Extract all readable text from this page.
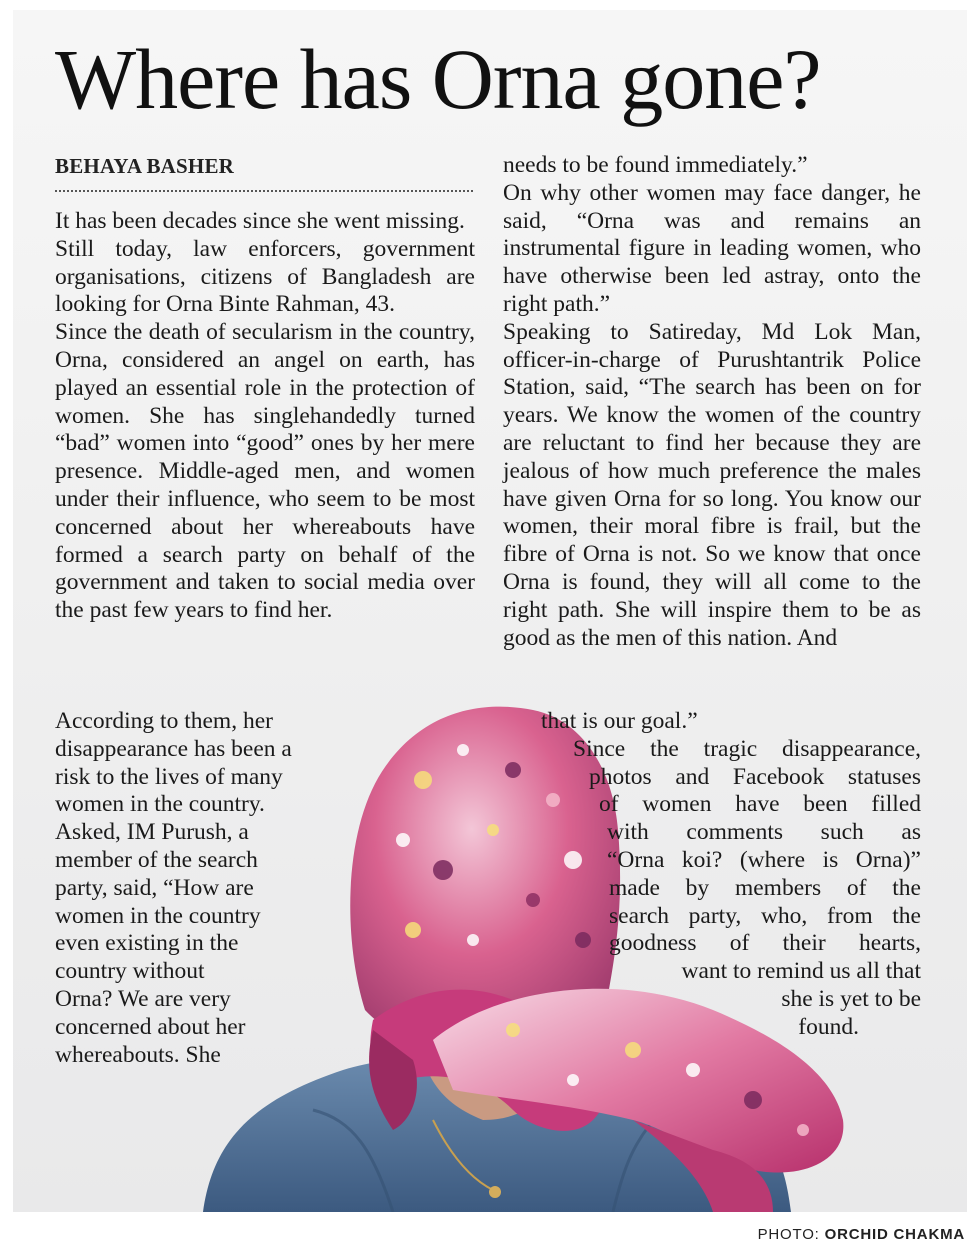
Where has Orna gone?
BEHAYA BASHER

It has been decades since she went missing.

Still today, law enforcers, government organisations, citizens of Bangladesh are looking for Orna Binte Rahman, 43.

Since the death of secularism in the country, Orna, considered an angel on earth, has played an essential role in the protection of women. She has singlehandedly turned “bad” women into “good” ones by her mere presence. Middle-aged men, and women under their influence, who seem to be most concerned about her whereabouts have formed a search party on behalf of the government and taken to social media over the past few years to find her.

According to them, her
disappearance has been a
risk to the lives of many
women in the country.
Asked, IM Purush, a
member of the search
party, said, “How are
women in the country
even existing in the
country without
Orna? We are very
concerned about her
whereabouts. She

needs to be found immediately.”

On why other women may face danger, he said, “Orna was and remains an instrumental figure in leading women, who have otherwise been led astray, onto the right path.”

Speaking to Satireday, Md Lok Man, officer-in-charge of Purushtantrik Police Station, said, “The search has been on for years. We know the women of the country are reluctant to find her because they are jealous of how much preference the males have given Orna for so long. You know our women, their moral fibre is frail, but the fibre of Orna is not. So we know that once Orna is found, they will all come to the right path. She will inspire them to be as good as the men of this nation. And

that is our goal.”
Since the tragic disappearance,
photos and Facebook statuses
of women have been filled
with comments such as
“Orna koi? (where is Orna)”
made by members of the
search party, who, from the
goodness of their hearts,
want to remind us all that
she is yet to be
found.
PHOTO: ORCHID CHAKMA
